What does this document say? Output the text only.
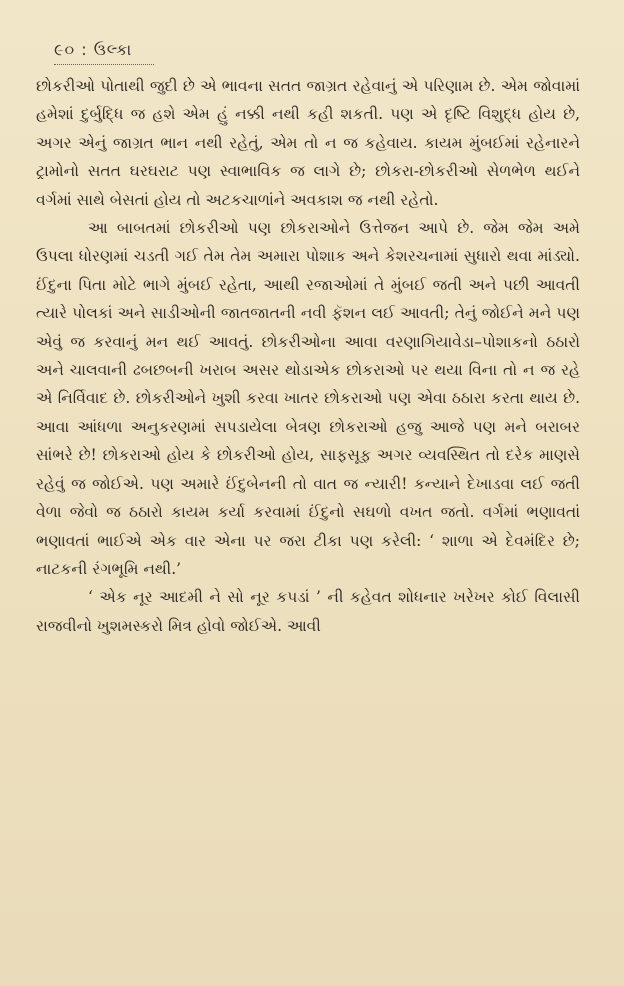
૯૦ : ઉલ્કા

છોકરીઓ પોતાથી જુદી છે એ ભાવના સતત જાગ્રત રહેવાનું એ પરિણામ છે. એમ જોવામાં હમેશાં દુર્બુદ્ધિ જ હશે એમ હું નક્કી નથી કહી શકતી. પણ એ દૃષ્ટિ વિશુદ્ધ હોય છે, અગર એનું જાગ્રત ભાન નથી રહેતું, એમ તો ન જ કહેવાય. કાયમ મુંબઈમાં રહેનારને ટ્રામોનો સતત ઘરઘરાટ પણ સ્વાભાવિક જ લાગે છે; છોકરા-છોકરીઓ સેળભેળ થઈને વર્ગમાં સાથે બેસતાં હોય તો અટકચાળાંને અવકાશ જ નથી રહેતો.

આ બાબતમાં છોકરીઓ પણ છોકરાઓને ઉત્તેજન આપે છે. જેમ જેમ અમે ઉપલા ધોરણમાં ચડતી ગઈ તેમ તેમ અમારા પોશાક અને કેશરચનામાં સુધારો થવા માંડ્યો. ઈંદુના પિતા મોટે ભાગે મુંબઈ રહેતા, આથી રજાઓમાં તે મુંબઈ જતી અને પછી આવતી ત્યારે પોલકાં અને સાડીઓની જાતજાતની નવી ફૅશન લઈ આવતી; તેનું જોઈને મને પણ એવું જ કરવાનું મન થઈ આવતું. છોકરીઓના આવા વરણાગિયાવેડા–પોશાકનો ઠઠારો અને ચાલવાની ઢબછબની ખરાબ અસર થોડાએક છોકરાઓ પર થયા વિના તો ન જ રહે એ નિર્વિવાદ છે. છોકરીઓને ખુશી કરવા ખાતર છોકરાઓ પણ એવા ઠઠારા કરતા થાય છે. આવા આંધળા અનુકરણમાં સપડાયેલા બેત્રણ છોકરાઓ હજુ આજે પણ મને બરાબર સાંભરે છે! છોકરાઓ હોય કે છોકરીઓ હોય, સાફસૂફ અગર વ્યવસ્થિત તો દરેક માણસે રહેવું જ જોઈએ. પણ અમારે ઈંદુબેનની તો વાત જ ન્યારી! કન્યાને દેખાડવા લઈ જતી વેળા જેવો જ ઠઠારો કાયમ કર્યા કરવામાં ઈંદુનો સઘળો વખત જતો. વર્ગમાં ભણાવતાં ભણાવતાં ભાઈએ એક વાર એના પર જરા ટીકા પણ કરેલી: ‘ શાળા એ દેવમંદિર છે; નાટકની રંગભૂમિ નથી.’

‘ એક નૂર આદમી ને સો નૂર કપડાં ’ ની કહેવત શોધનાર ખરેખર કોઈ વિલાસી રાજવીનો ખુશમસ્કરો મિત્ર હોવો જોઈએ. આવી
